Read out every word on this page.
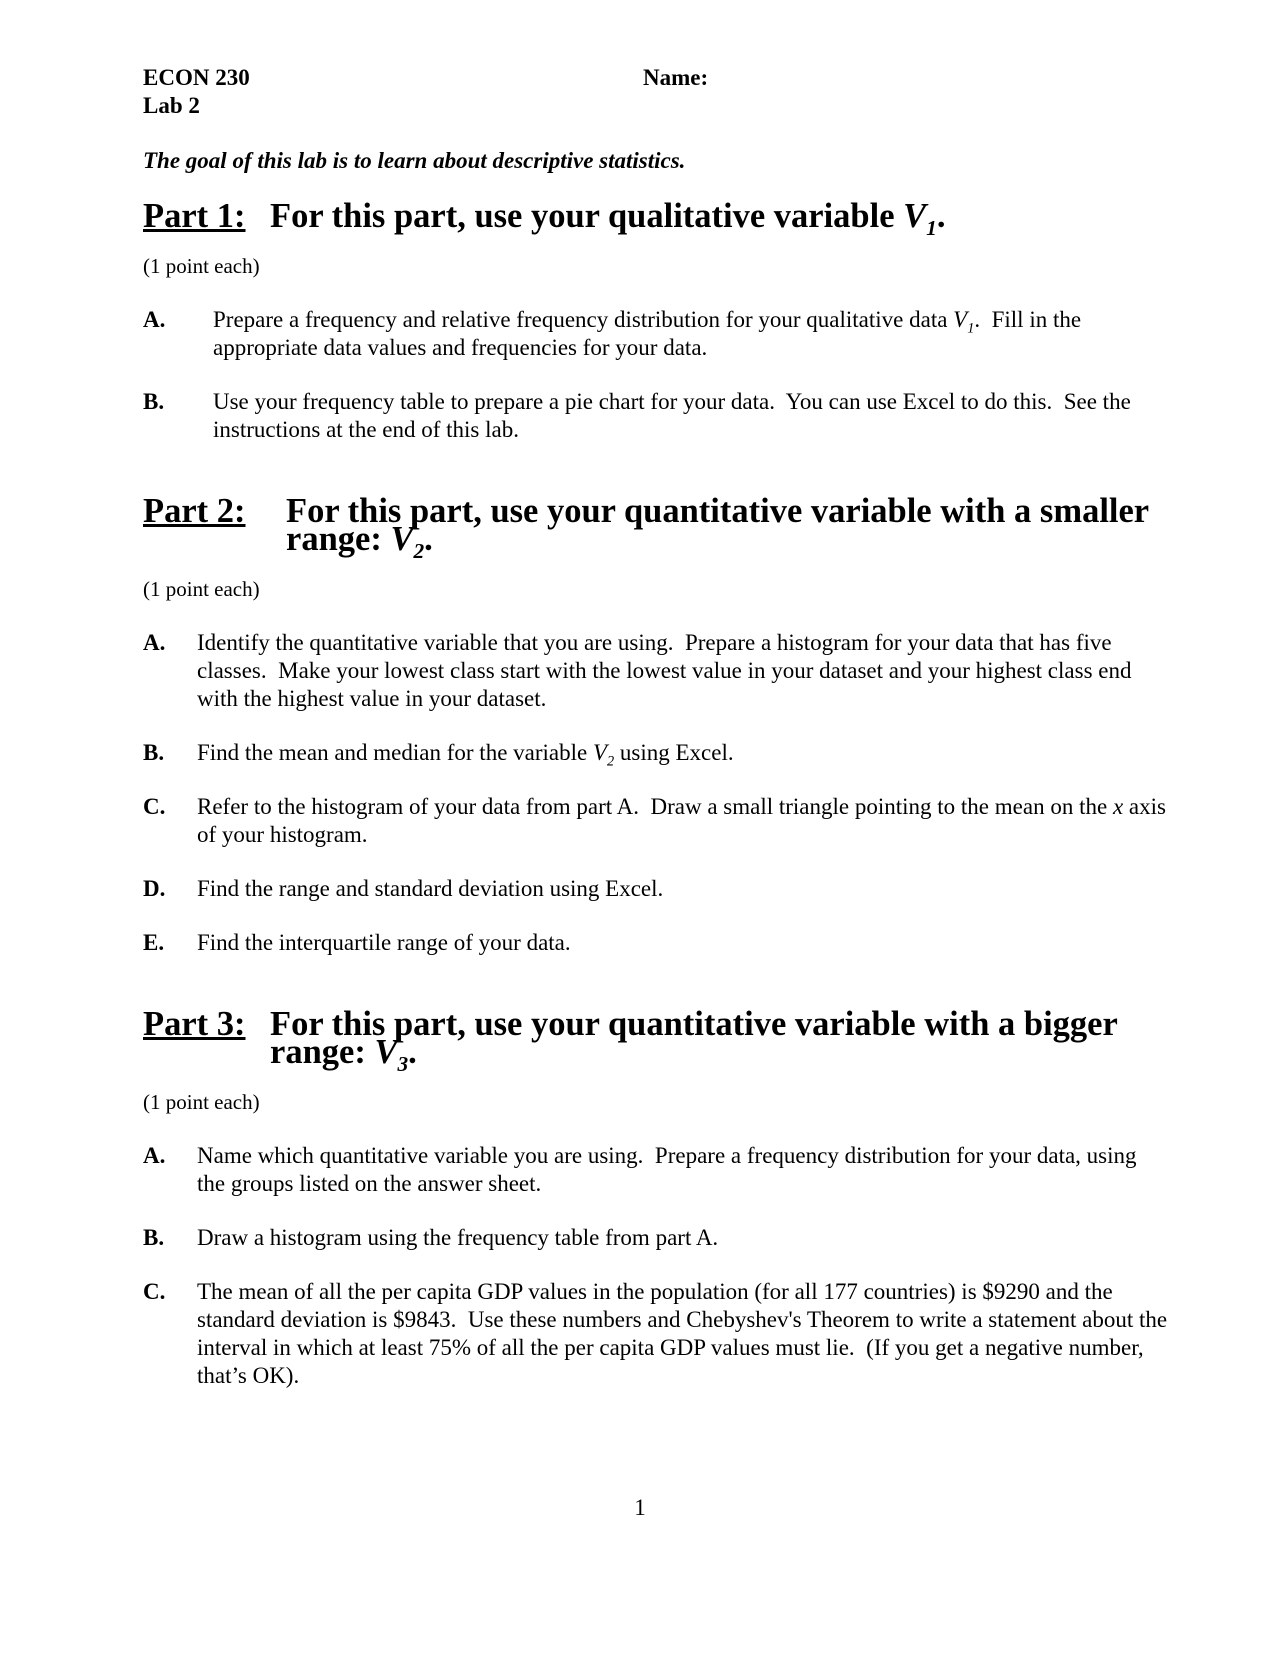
ECON 230	Name:
Lab 2

The goal of this lab is to learn about descriptive statistics.

Part 1: For this part, use your qualitative variable $V_1$.

(1 point each)

A.	Prepare a frequency and relative frequency distribution for your qualitative data $V_1$.  Fill in the appropriate data values and frequencies for your data.
B.	Use your frequency table to prepare a pie chart for your data.  You can use Excel to do this.  See the instructions at the end of this lab.
Part 2:	For this part, use your quantitative variable with a smaller range: $V_2$.

(1 point each)

A.	Identify the quantitative variable that you are using.  Prepare a histogram for your data that has five classes.  Make your lowest class start with the lowest value in your dataset and your highest class end with the highest value in your dataset.
B.	Find the mean and median for the variable $V_2$ using Excel.
C.	Refer to the histogram of your data from part A.  Draw a small triangle pointing to the mean on the x axis of your histogram.
D.	Find the range and standard deviation using Excel.
E.	Find the interquartile range of your data.
Part 3: For this part, use your quantitative variable with a bigger range: $V_3$.

(1 point each)

A.	Name which quantitative variable you are using.  Prepare a frequency distribution for your data, using the groups listed on the answer sheet.
B.	Draw a histogram using the frequency table from part A.
C.	The mean of all the per capita GDP values in the population (for all 177 countries) is $9290 and the standard deviation is $9843.  Use these numbers and Chebyshev's Theorem to write a statement about the interval in which at least 75% of all the per capita GDP values must lie.  (If you get a negative number, that’s OK).
1
